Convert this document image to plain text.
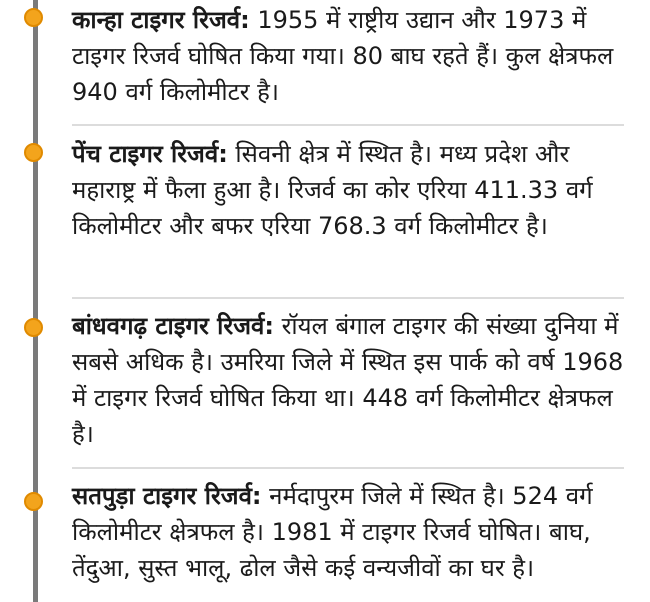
कान्हा टाइगर रिजर्व: 1955 में राष्ट्रीय उद्यान और 1973 में टाइगर रिजर्व घोषित किया गया। 80 बाघ रहते हैं। कुल क्षेत्रफल 940 वर्ग किलोमीटर है।
पेंच टाइगर रिजर्व: सिवनी क्षेत्र में स्थित है। मध्य प्रदेश और महाराष्ट्र में फैला हुआ है। रिजर्व का कोर एरिया 411.33 वर्ग किलोमीटर और बफर एरिया 768.3 वर्ग किलोमीटर है।
बांधवगढ़ टाइगर रिजर्व: रॉयल बंगाल टाइगर की संख्या दुनिया में सबसे अधिक है। उमरिया जिले में स्थित इस पार्क को वर्ष 1968 में टाइगर रिजर्व घोषित किया था। 448 वर्ग किलोमीटर क्षेत्रफल है।
सतपुड़ा टाइगर रिजर्व: नर्मदापुरम जिले में स्थित है। 524 वर्ग किलोमीटर क्षेत्रफल है। 1981 में टाइगर रिजर्व घोषित। बाघ, तेंदुआ, सुस्त भालू, ढोल जैसे कई वन्यजीवों का घर है।
